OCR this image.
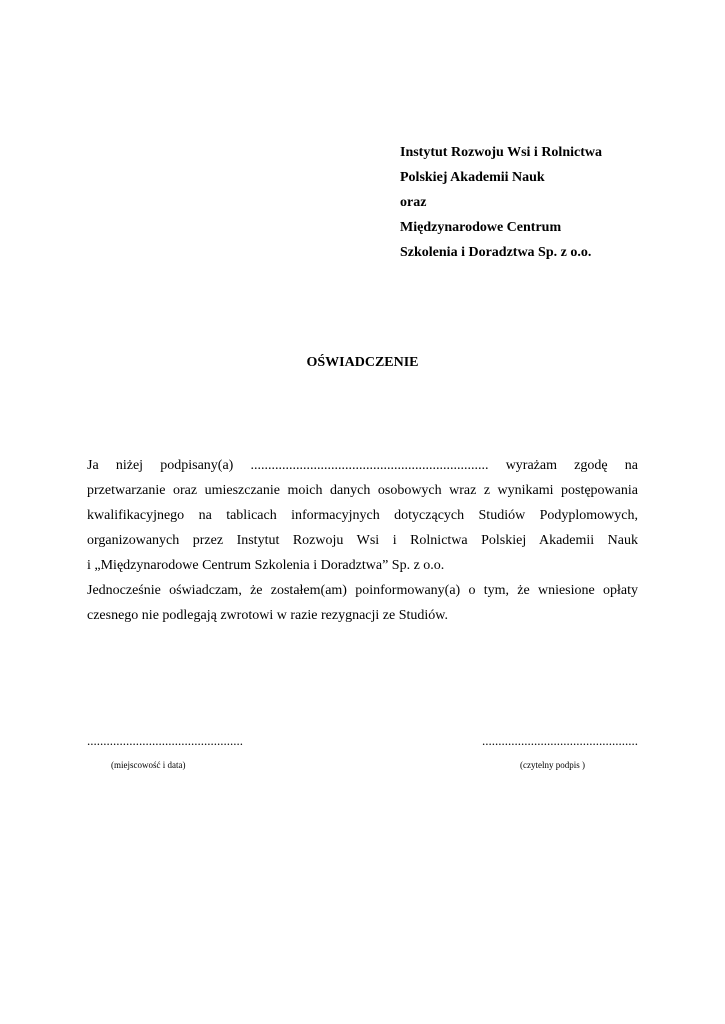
Instytut Rozwoju Wsi i Rolnictwa
Polskiej Akademii Nauk
oraz
Międzynarodowe Centrum
Szkolenia i Doradztwa Sp. z o.o.
OŚWIADCZENIE
Ja niżej podpisany(a) .................................................................... wyrażam zgodę na
przetwarzanie oraz umieszczanie moich danych osobowych wraz z wynikami postępowania
kwalifikacyjnego na tablicach informacyjnych dotyczących Studiów Podyplomowych,
organizowanych przez Instytut Rozwoju Wsi i Rolnictwa Polskiej Akademii Nauk
i „Międzynarodowe Centrum Szkolenia i Doradztwa” Sp. z o.o.
Jednocześnie oświadczam, że zostałem(am) poinformowany(a) o tym, że wniesione opłaty
czesnego nie podlegają zwrotowi w razie rezygnacji ze Studiów.
................................................
(miejscowość i data)
................................................
(czytelny podpis )
